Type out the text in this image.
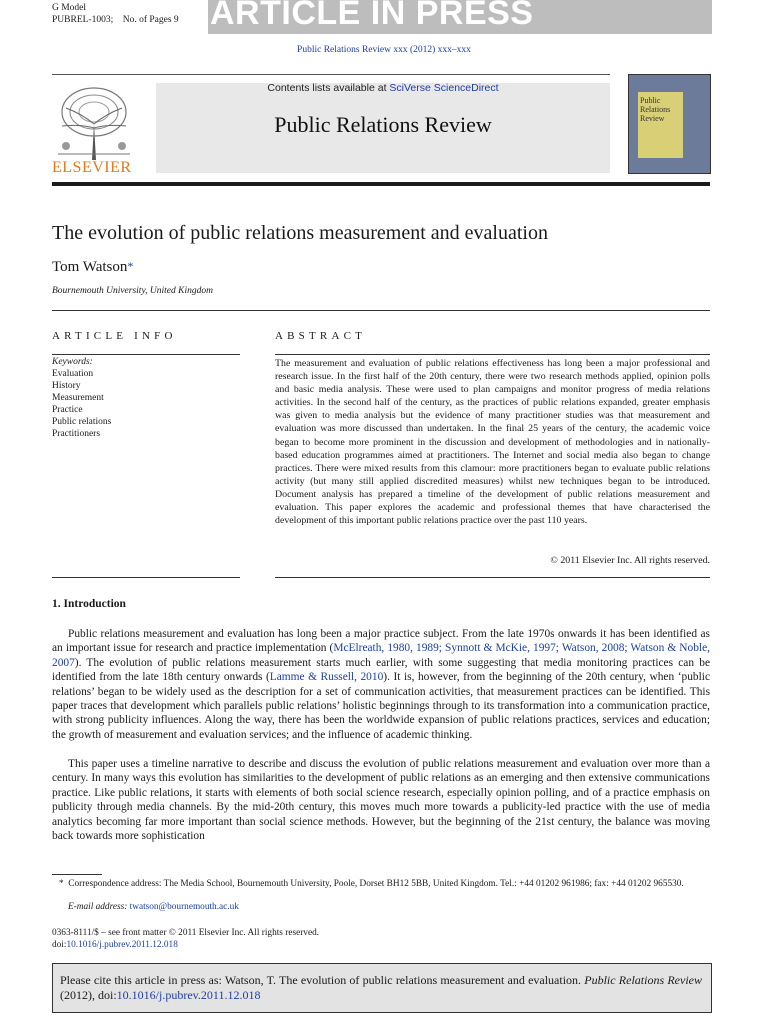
G Model
PUBREL-1003; No. of Pages 9 ARTICLE IN PRESS
Public Relations Review xxx (2012) xxx–xxx
Contents lists available at SciVerse ScienceDirect
Public Relations Review
ELSEVIER
Public Relations Review
The evolution of public relations measurement and evaluation
Tom Watson*
Bournemouth University, United Kingdom
ARTICLE INFO	ABSTRACT
Keywords:
Evaluation
History
Measurement
Practice
Public relations
Practitioners

The measurement and evaluation of public relations effectiveness has long been a major professional and research issue. In the first half of the 20th century, there were two research methods applied, opinion polls and basic media analysis. These were used to plan campaigns and monitor progress of media relations activities. In the second half of the century, as the practices of public relations expanded, greater emphasis was given to media analysis but the evidence of many practitioner studies was that measurement and evaluation was more discussed than undertaken. In the final 25 years of the century, the academic voice began to become more prominent in the discussion and development of methodologies and in nationally-based education programmes aimed at practitioners. The Internet and social media also began to change practices. There were mixed results from this clamour: more practitioners began to evaluate public relations activity (but many still applied discredited measures) whilst new techniques began to be introduced. Document analysis has prepared a timeline of the development of public relations measurement and evaluation. This paper explores the academic and professional themes that have characterised the development of this important public relations practice over the past 110 years.

© 2011 Elsevier Inc. All rights reserved.
1. Introduction

Public relations measurement and evaluation has long been a major practice subject. From the late 1970s onwards it has been identified as an important issue for research and practice implementation (McElreath, 1980, 1989; Synnott & McKie, 1997; Watson, 2008; Watson & Noble, 2007). The evolution of public relations measurement starts much earlier, with some suggesting that media monitoring practices can be identified from the late 18th century onwards (Lamme & Russell, 2010). It is, however, from the beginning of the 20th century, when ‘public relations’ began to be widely used as the description for a set of communication activities, that measurement practices can be identified. This paper traces that development which parallels public relations’ holistic beginnings through to its transformation into a communication practice, with strong publicity influences. Along the way, there has been the worldwide expansion of public relations practices, services and education; the growth of measurement and evaluation services; and the influence of academic thinking.

This paper uses a timeline narrative to describe and discuss the evolution of public relations measurement and evaluation over more than a century. In many ways this evolution has similarities to the development of public relations as an emerging and then extensive communications practice. Like public relations, it starts with elements of both social science research, especially opinion polling, and of a practice emphasis on publicity through media channels. By the mid-20th century, this moves much more towards a publicity-led practice with the use of media analytics becoming far more important than social science methods. However, but the beginning of the 21st century, the balance was moving back towards more sophistication

* Correspondence address: The Media School, Bournemouth University, Poole, Dorset BH12 5BB, United Kingdom. Tel.: +44 01202 961986; fax: +44 01202 965530.
E-mail address: twatson@bournemouth.ac.uk
0363-8111/$ – see front matter © 2011 Elsevier Inc. All rights reserved.
doi:10.1016/j.pubrev.2011.12.018
Please cite this article in press as: Watson, T. The evolution of public relations measurement and evaluation. Public Relations Review (2012), doi:10.1016/j.pubrev.2011.12.018
